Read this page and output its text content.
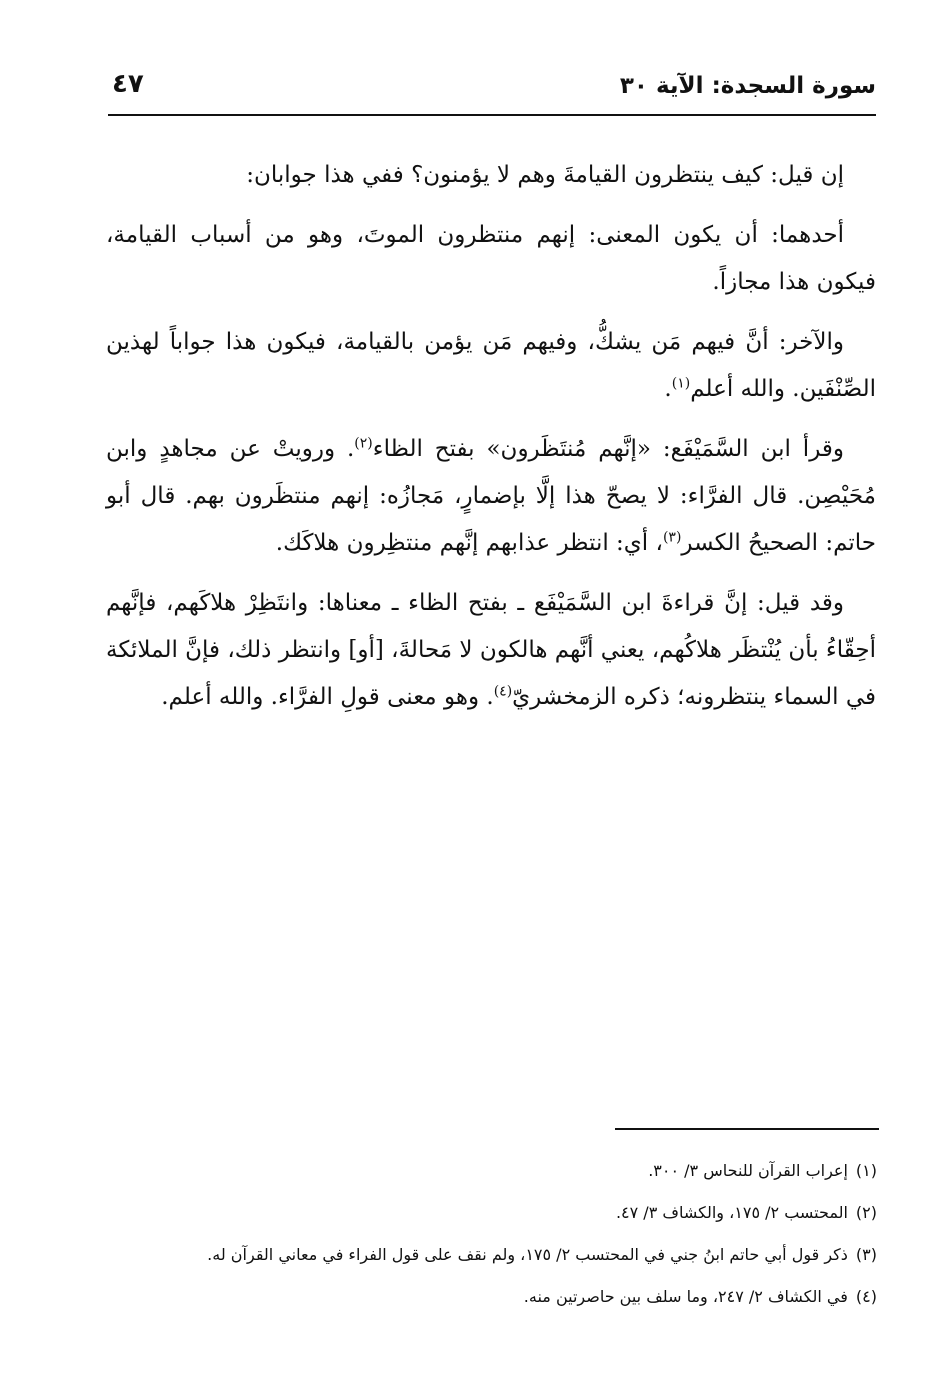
سورة السجدة: الآية ٣٠
٤٧

إن قيل: كيف ينتظرون القيامةَ وهم لا يؤمنون؟ ففي هذا جوابان:

أحدهما: أن يكون المعنى: إنهم منتظرون الموتَ، وهو من أسباب القيامة، فيكون هذا مجازاً.

والآخر: أنَّ فيهم مَن يشكُّ، وفيهم مَن يؤمن بالقيامة، فيكون هذا جواباً لهذين الصِّنْفَين. والله أعلم$^{(١)}$.

وقرأ ابن السَّمَيْفَع: «إنَّهم مُنتَظَرون» بفتح الظاء$^{(٢)}$. ورويتْ عن مجاهدٍ وابن مُحَيْصِن. قال الفرَّاء: لا يصحّ هذا إلَّا بإضمارٍ، مَجازُه: إنهم منتظَرون بهم. قال أبو حاتم: الصحيحُ الكسر$^{(٣)}$، أي: انتظر عذابهم إنَّهم منتظِرون هلاكَك.

وقد قيل: إنَّ قراءةَ ابن السَّمَيْفَع ـ بفتح الظاء ـ معناها: وانتَظِرْ هلاكَهم، فإنَّهم أحِقّاءُ بأن يُنْتظَر هلاكُهم، يعني أنَّهم هالكون لا مَحالةَ، [أو] وانتظر ذلك، فإنَّ الملائكة في السماء ينتظرونه؛ ذكره الزمخشريّ$^{(٤)}$. وهو معنى قولِ الفرَّاء. والله أعلم.

(١)إعراب القرآن للنحاس ٣/ ٣٠٠.
(٢)المحتسب ٢/ ١٧٥، والكشاف ٣/ ٤٧.
(٣)ذكر قول أبي حاتم ابنُ جني في المحتسب ٢/ ١٧٥، ولم نقف على قول الفراء في معاني القرآن له.
(٤)في الكشاف ٢/ ٢٤٧، وما سلف بين حاصرتين منه.
